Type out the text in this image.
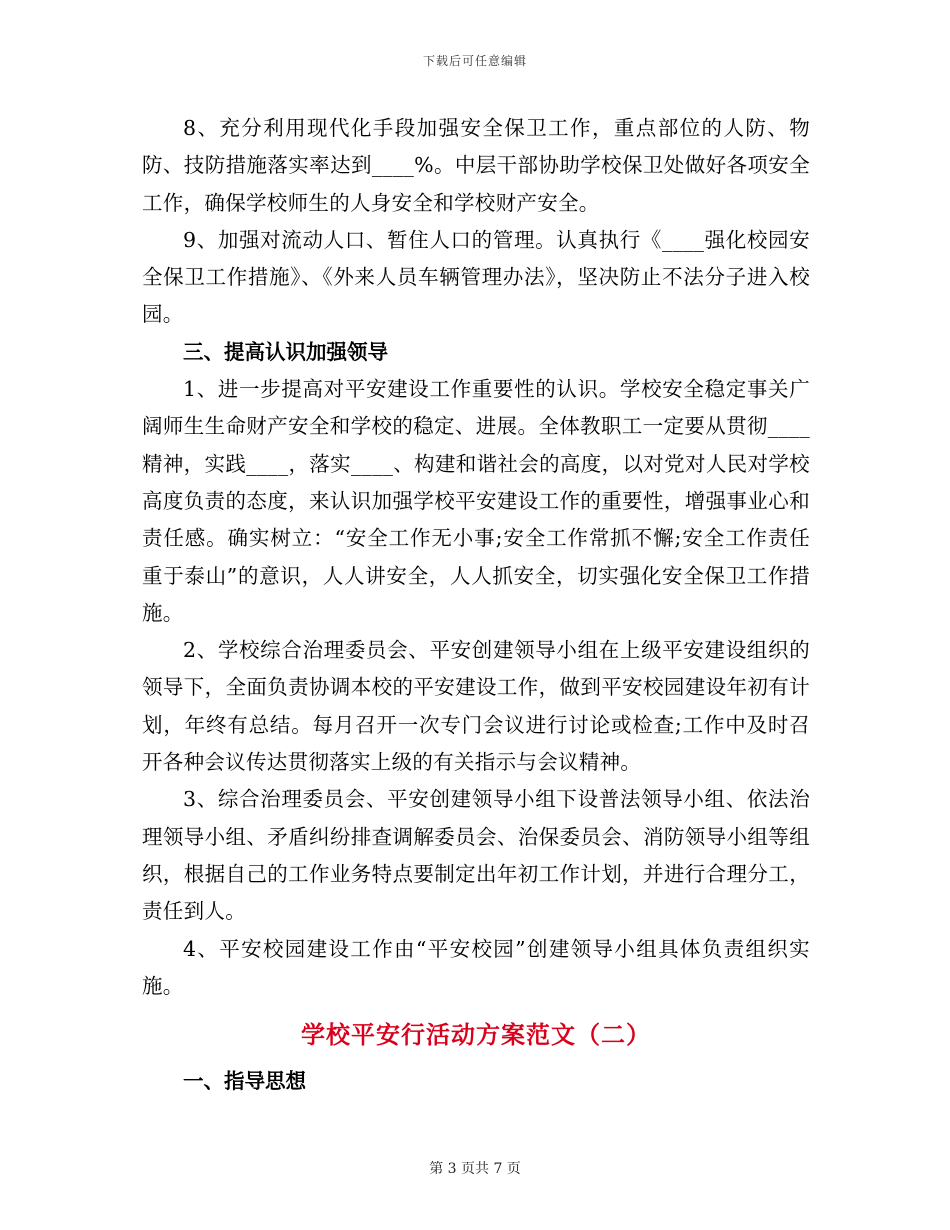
下载后可任意编辑

8、充分利用现代化手段加强安全保卫工作，重点部位的人防、物防、技防措施落实率达到____%。中层干部协助学校保卫处做好各项安全工作，确保学校师生的人身安全和学校财产安全。

9、加强对流动人口、暂住人口的管理。认真执行《____强化校园安全保卫工作措施》、《外来人员车辆管理办法》，坚决防止不法分子进入校园。

三、提高认识加强领导

1、进一步提高对平安建设工作重要性的认识。学校安全稳定事关广阔师生生命财产安全和学校的稳定、进展。全体教职工一定要从贯彻____精神，实践____，落实____、构建和谐社会的高度，以对党对人民对学校高度负责的态度，来认识加强学校平安建设工作的重要性，增强事业心和责任感。确实树立：“安全工作无小事;安全工作常抓不懈;安全工作责任重于泰山”的意识，人人讲安全，人人抓安全，切实强化安全保卫工作措施。

2、学校综合治理委员会、平安创建领导小组在上级平安建设组织的领导下，全面负责协调本校的平安建设工作，做到平安校园建设年初有计划，年终有总结。每月召开一次专门会议进行讨论或检查;工作中及时召开各种会议传达贯彻落实上级的有关指示与会议精神。

3、综合治理委员会、平安创建领导小组下设普法领导小组、依法治理领导小组、矛盾纠纷排查调解委员会、治保委员会、消防领导小组等组织，根据自己的工作业务特点要制定出年初工作计划，并进行合理分工，责任到人。

4、平安校园建设工作由“平安校园”创建领导小组具体负责组织实施。

学校平安行活动方案范文（二）

一、指导思想

第 3 页共 7 页
